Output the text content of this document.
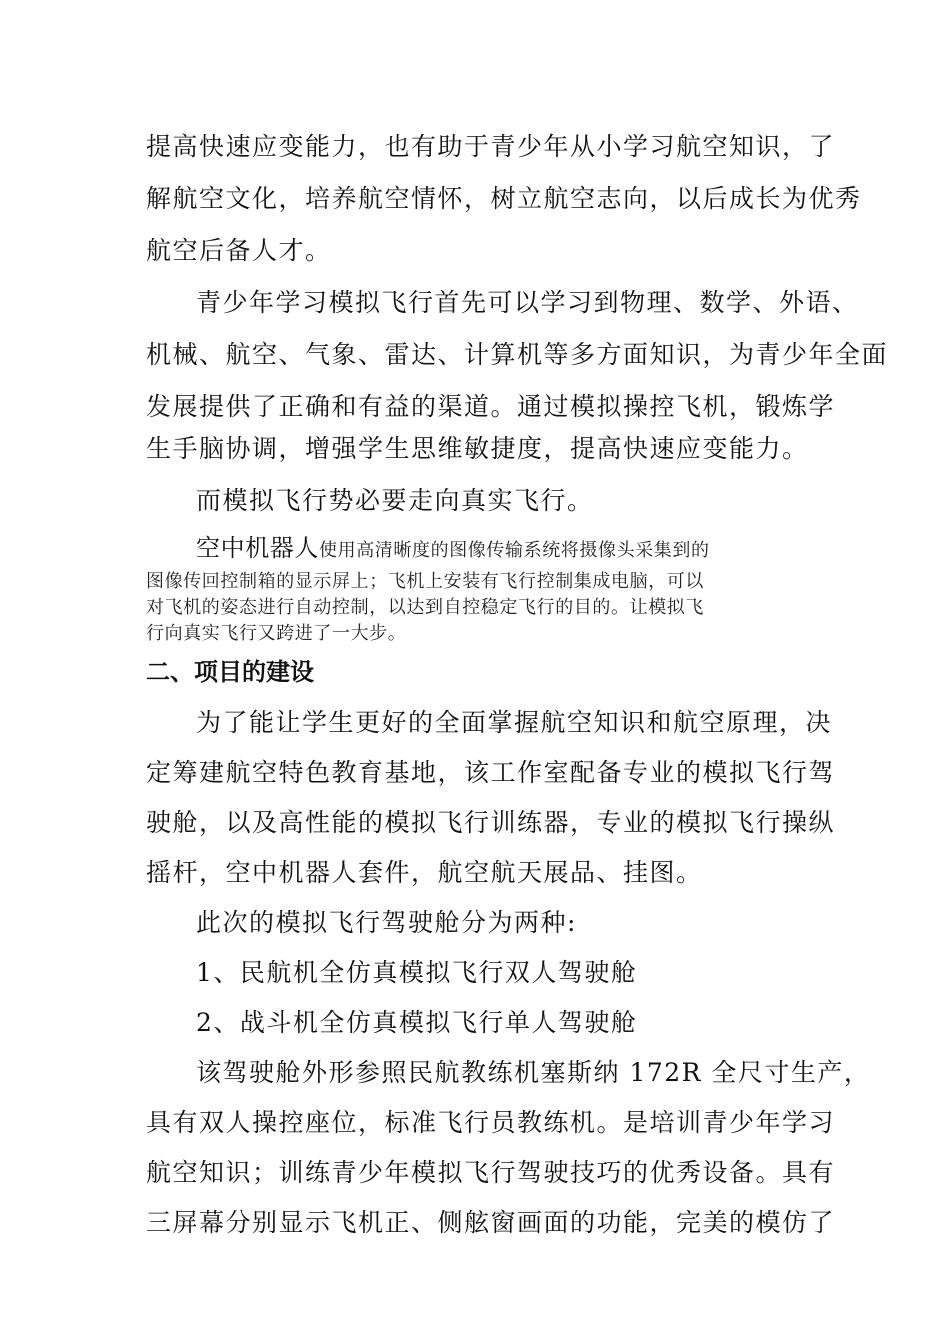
提高快速应变能力，也有助于青少年从小学习航空知识，了
解航空文化，培养航空情怀，树立航空志向，以后成长为优秀
航空后备人才。
青少年学习模拟飞行首先可以学习到物理、数学、外语、
机械、航空、气象、雷达、计算机等多方面知识，为青少年全面
发展提供了正确和有益的渠道。通过模拟操控飞机，锻炼学
生手脑协调，增强学生思维敏捷度，提高快速应变能力。
而模拟飞行势必要走向真实飞行。
空中机器人使用高清晰度的图像传输系统将摄像头采集到的
图像传回控制箱的显示屏上；飞机上安装有飞行控制集成电脑，可以
对飞机的姿态进行自动控制，以达到自控稳定飞行的目的。让模拟飞
行向真实飞行又跨进了一大步。
二、项目的建设
为了能让学生更好的全面掌握航空知识和航空原理，决
定筹建航空特色教育基地，该工作室配备专业的模拟飞行驾
驶舱，以及高性能的模拟飞行训练器，专业的模拟飞行操纵
摇杆，空中机器人套件，航空航天展品、挂图。
此次的模拟飞行驾驶舱分为两种:
1、民航机全仿真模拟飞行双人驾驶舱
2、战斗机全仿真模拟飞行单人驾驶舱
该驾驶舱外形参照民航教练机塞斯纳 172R 全尺寸生产，
具有双人操控座位，标准飞行员教练机。是培训青少年学习
航空知识；训练青少年模拟飞行驾驶技巧的优秀设备。具有
三屏幕分别显示飞机正、侧舷窗画面的功能，完美的模仿了
